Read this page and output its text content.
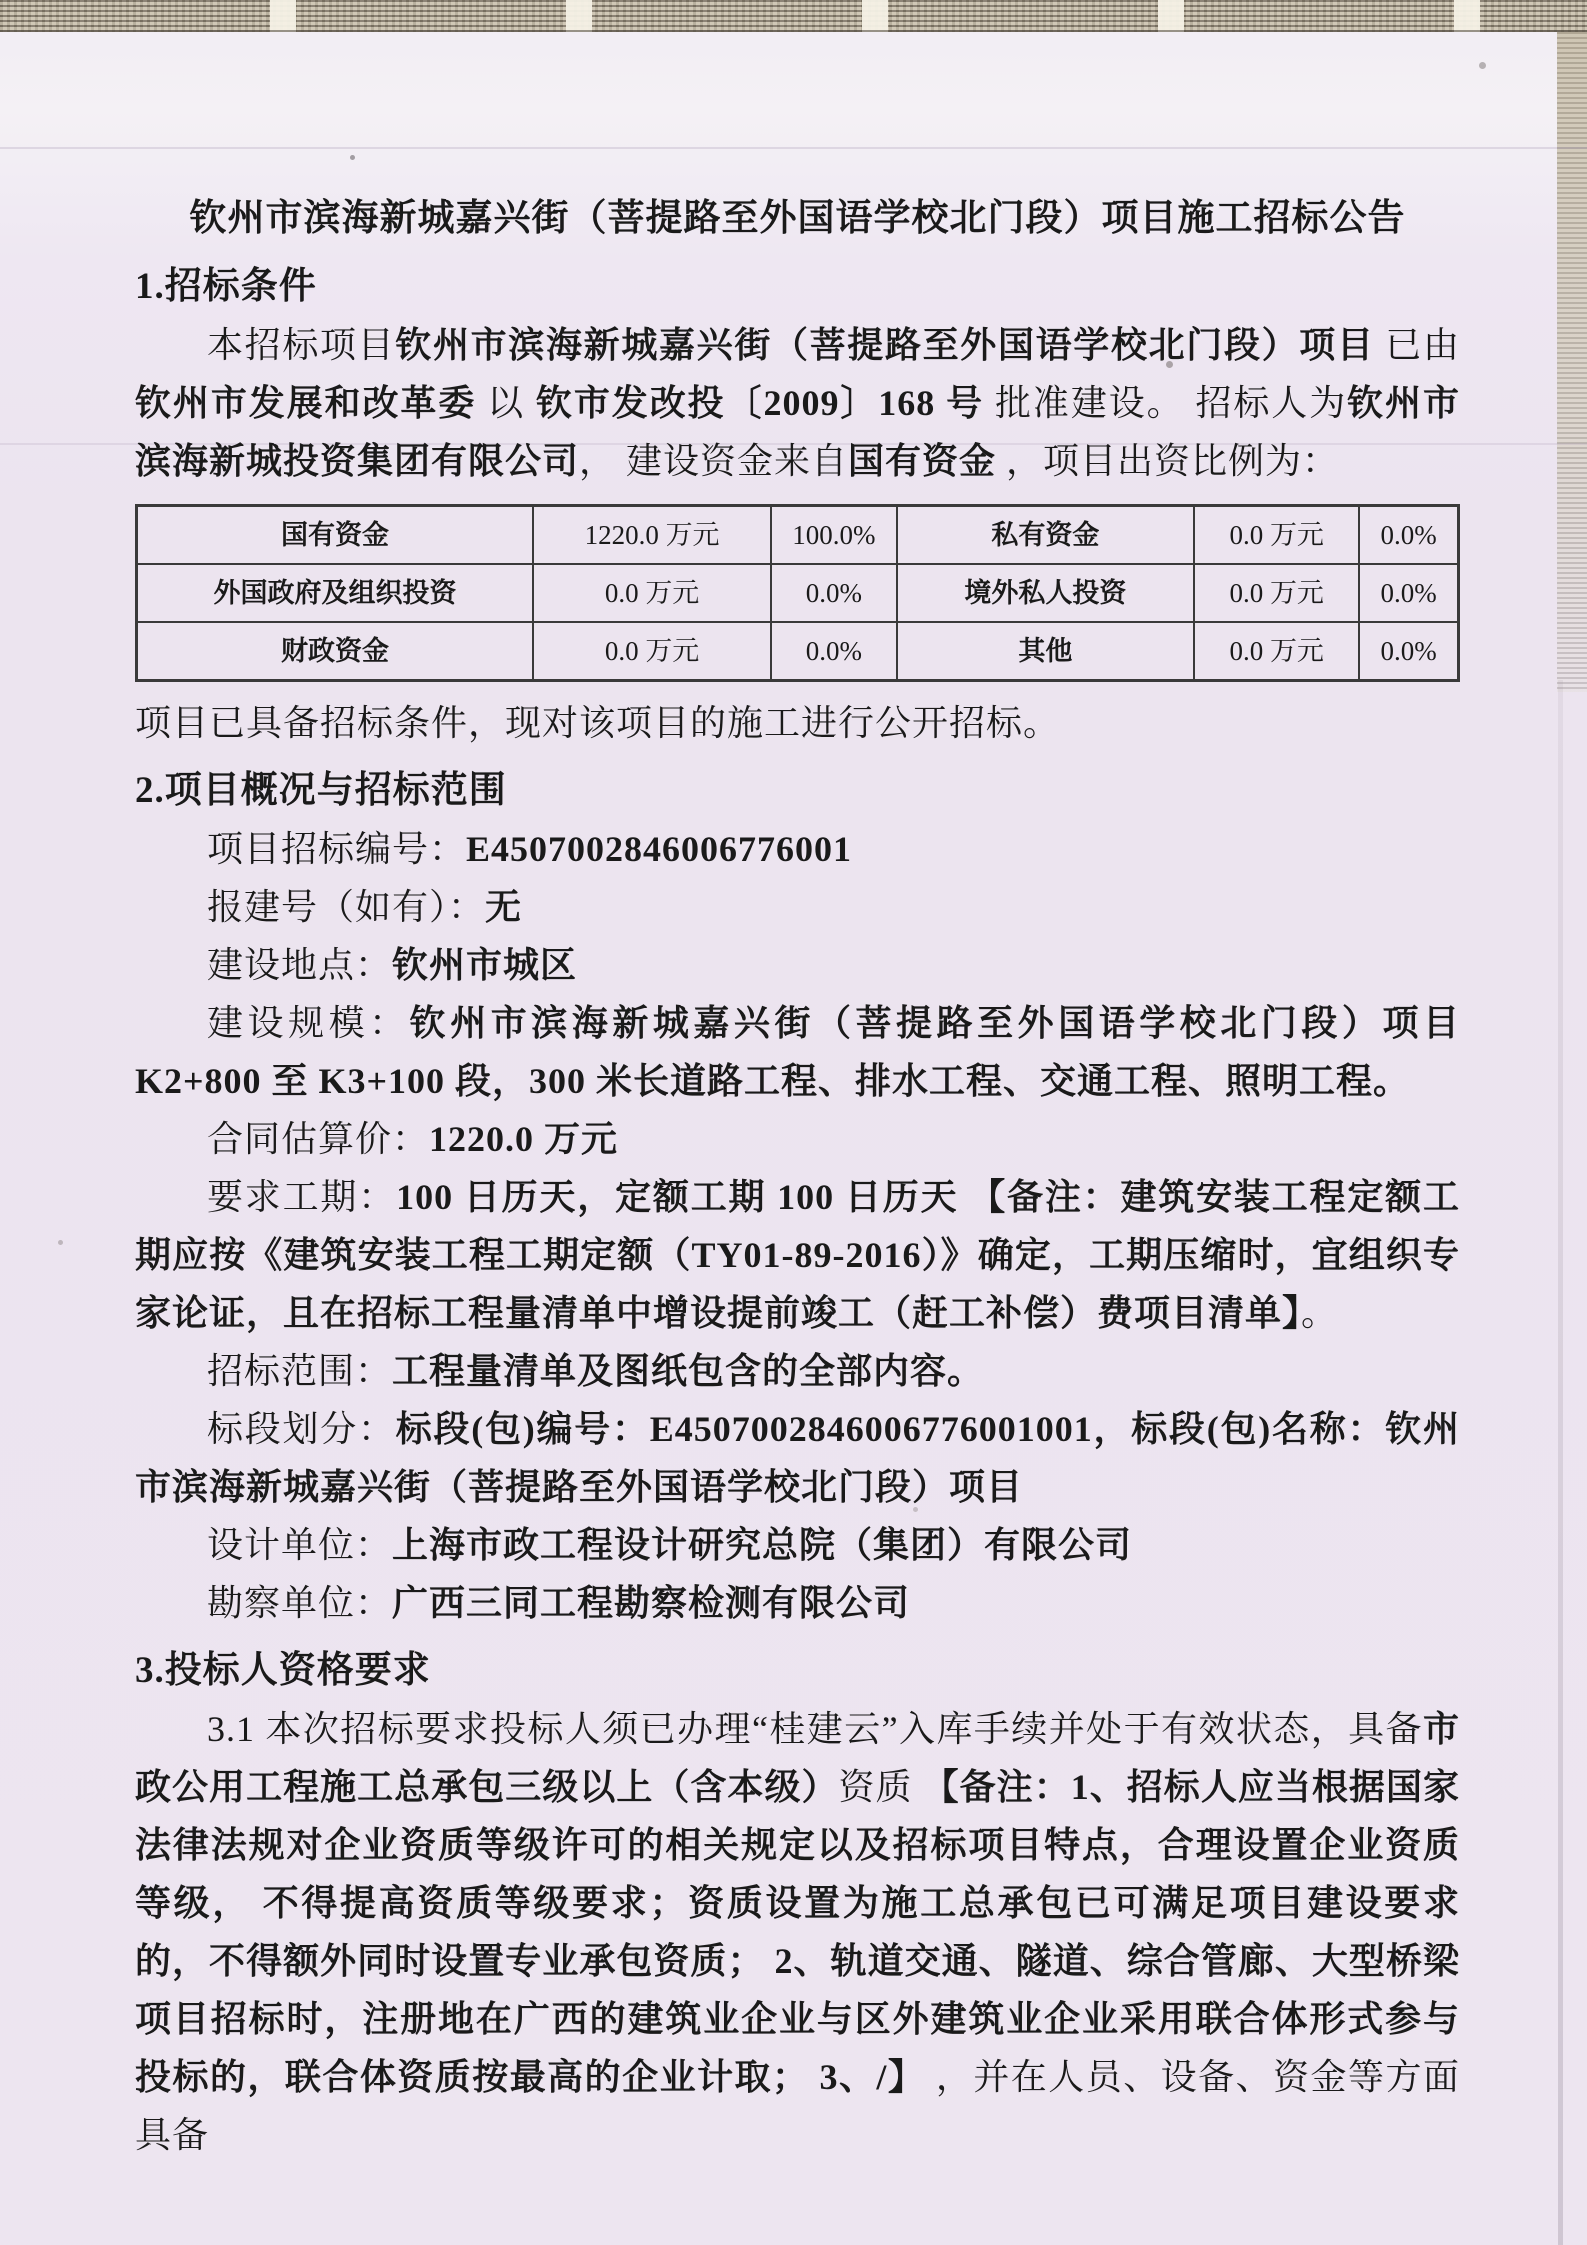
钦州市滨海新城嘉兴街（菩提路至外国语学校北门段）项目施工招标公告
1.招标条件

本招标项目钦州市滨海新城嘉兴街（菩提路至外国语学校北门段）项目 已由 钦州市发展和改革委 以 钦市发改投〔2009〕168 号 批准建设。 招标人为钦州市滨海新城投资集团有限公司， 建设资金来自国有资金 ，项目出资比例为：

国有资金	1220.0 万元	100.0%	私有资金	0.0 万元	0.0%
外国政府及组织投资	0.0 万元	0.0%	境外私人投资	0.0 万元	0.0%
财政资金	0.0 万元	0.0%	其他	0.0 万元	0.0%

项目已具备招标条件，现对该项目的施工进行公开招标。

2.项目概况与招标范围

项目招标编号：E4507002846006776001

报建号（如有）：无

建设地点：钦州市城区

建设规模：钦州市滨海新城嘉兴街（菩提路至外国语学校北门段）项目 K2+800 至 K3+100 段，300 米长道路工程、排水工程、交通工程、照明工程。

合同估算价：1220.0 万元

要求工期：100 日历天，定额工期 100 日历天 【备注：建筑安装工程定额工期应按《建筑安装工程工期定额（TY01-89-2016）》确定，工期压缩时，宜组织专家论证，且在招标工程量清单中增设提前竣工（赶工补偿）费项目清单】。

招标范围：工程量清单及图纸包含的全部内容。

标段划分：标段(包)编号：E4507002846006776001001，标段(包)名称：钦州市滨海新城嘉兴街（菩提路至外国语学校北门段）项目

设计单位：上海市政工程设计研究总院（集团）有限公司

勘察单位：广西三同工程勘察检测有限公司

3.投标人资格要求

3.1 本次招标要求投标人须已办理“桂建云”入库手续并处于有效状态，具备市政公用工程施工总承包三级以上（含本级）资质 【备注：1、招标人应当根据国家法律法规对企业资质等级许可的相关规定以及招标项目特点，合理设置企业资质等级， 不得提高资质等级要求；资质设置为施工总承包已可满足项目建设要求的，不得额外同时设置专业承包资质； 2、轨道交通、隧道、综合管廊、大型桥梁项目招标时，注册地在广西的建筑业企业与区外建筑业企业采用联合体形式参与投标的，联合体资质按最高的企业计取； 3、/】 ，并在人员、设备、资金等方面具备
